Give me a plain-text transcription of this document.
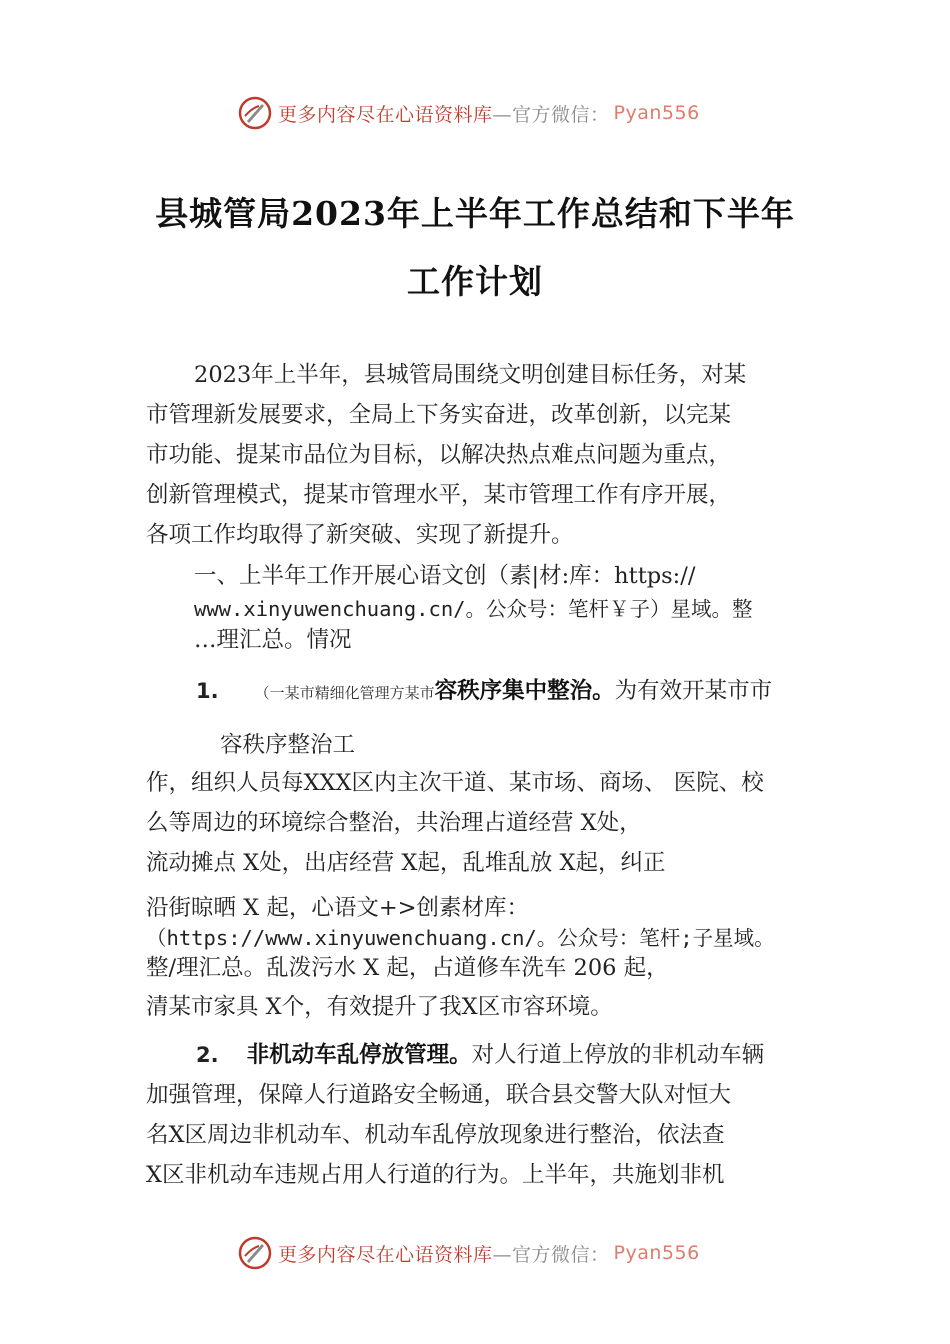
更多内容尽在心语资料库 —官方微信： Pyan556
县城管局2023年上半年工作总结和下半年
工作计划
2023年上半年，县城管局围绕文明创建目标任务，对某
市管理新发展要求，全局上下务实奋进，改革创新，以完某
市功能、提某市品位为目标，以解决热点难点问题为重点，
创新管理模式，提某市管理水平，某市管理工作有序开展，
各项工作均取得了新突破、实现了新提升。
一、上半年工作开展心语文创（素|材:库：https://
www.xinyuwenchuang.cn/。公众号：笔杆￥子）星域。整
…理汇总。情况
1. （一某市精细化管理方某市容秩序集中整治。为有效开某市市
容秩序整治工
作，组织人员每XXX区内主次干道、某市场、商场、 医院、校
么等周边的环境综合整治，共治理占道经营 X处，
流动摊点 X处，出店经营 X起，乱堆乱放 X起，纠正
沿街晾晒 X 起，心语文+>创素材库：
（https://www.xinyuwenchuang.cn/。公众号：笔杆;子星域。
整/理汇总。乱泼污水 X 起，占道修车洗车 206 起，
清某市家具 X个，有效提升了我X区市容环境。
2. 非机动车乱停放管理。对人行道上停放的非机动车辆
加强管理，保障人行道路安全畅通，联合县交警大队对恒大
名X区周边非机动车、机动车乱停放现象进行整治，依法查
X区非机动车违规占用人行道的行为。上半年，共施划非机
更多内容尽在心语资料库 —官方微信： Pyan556
